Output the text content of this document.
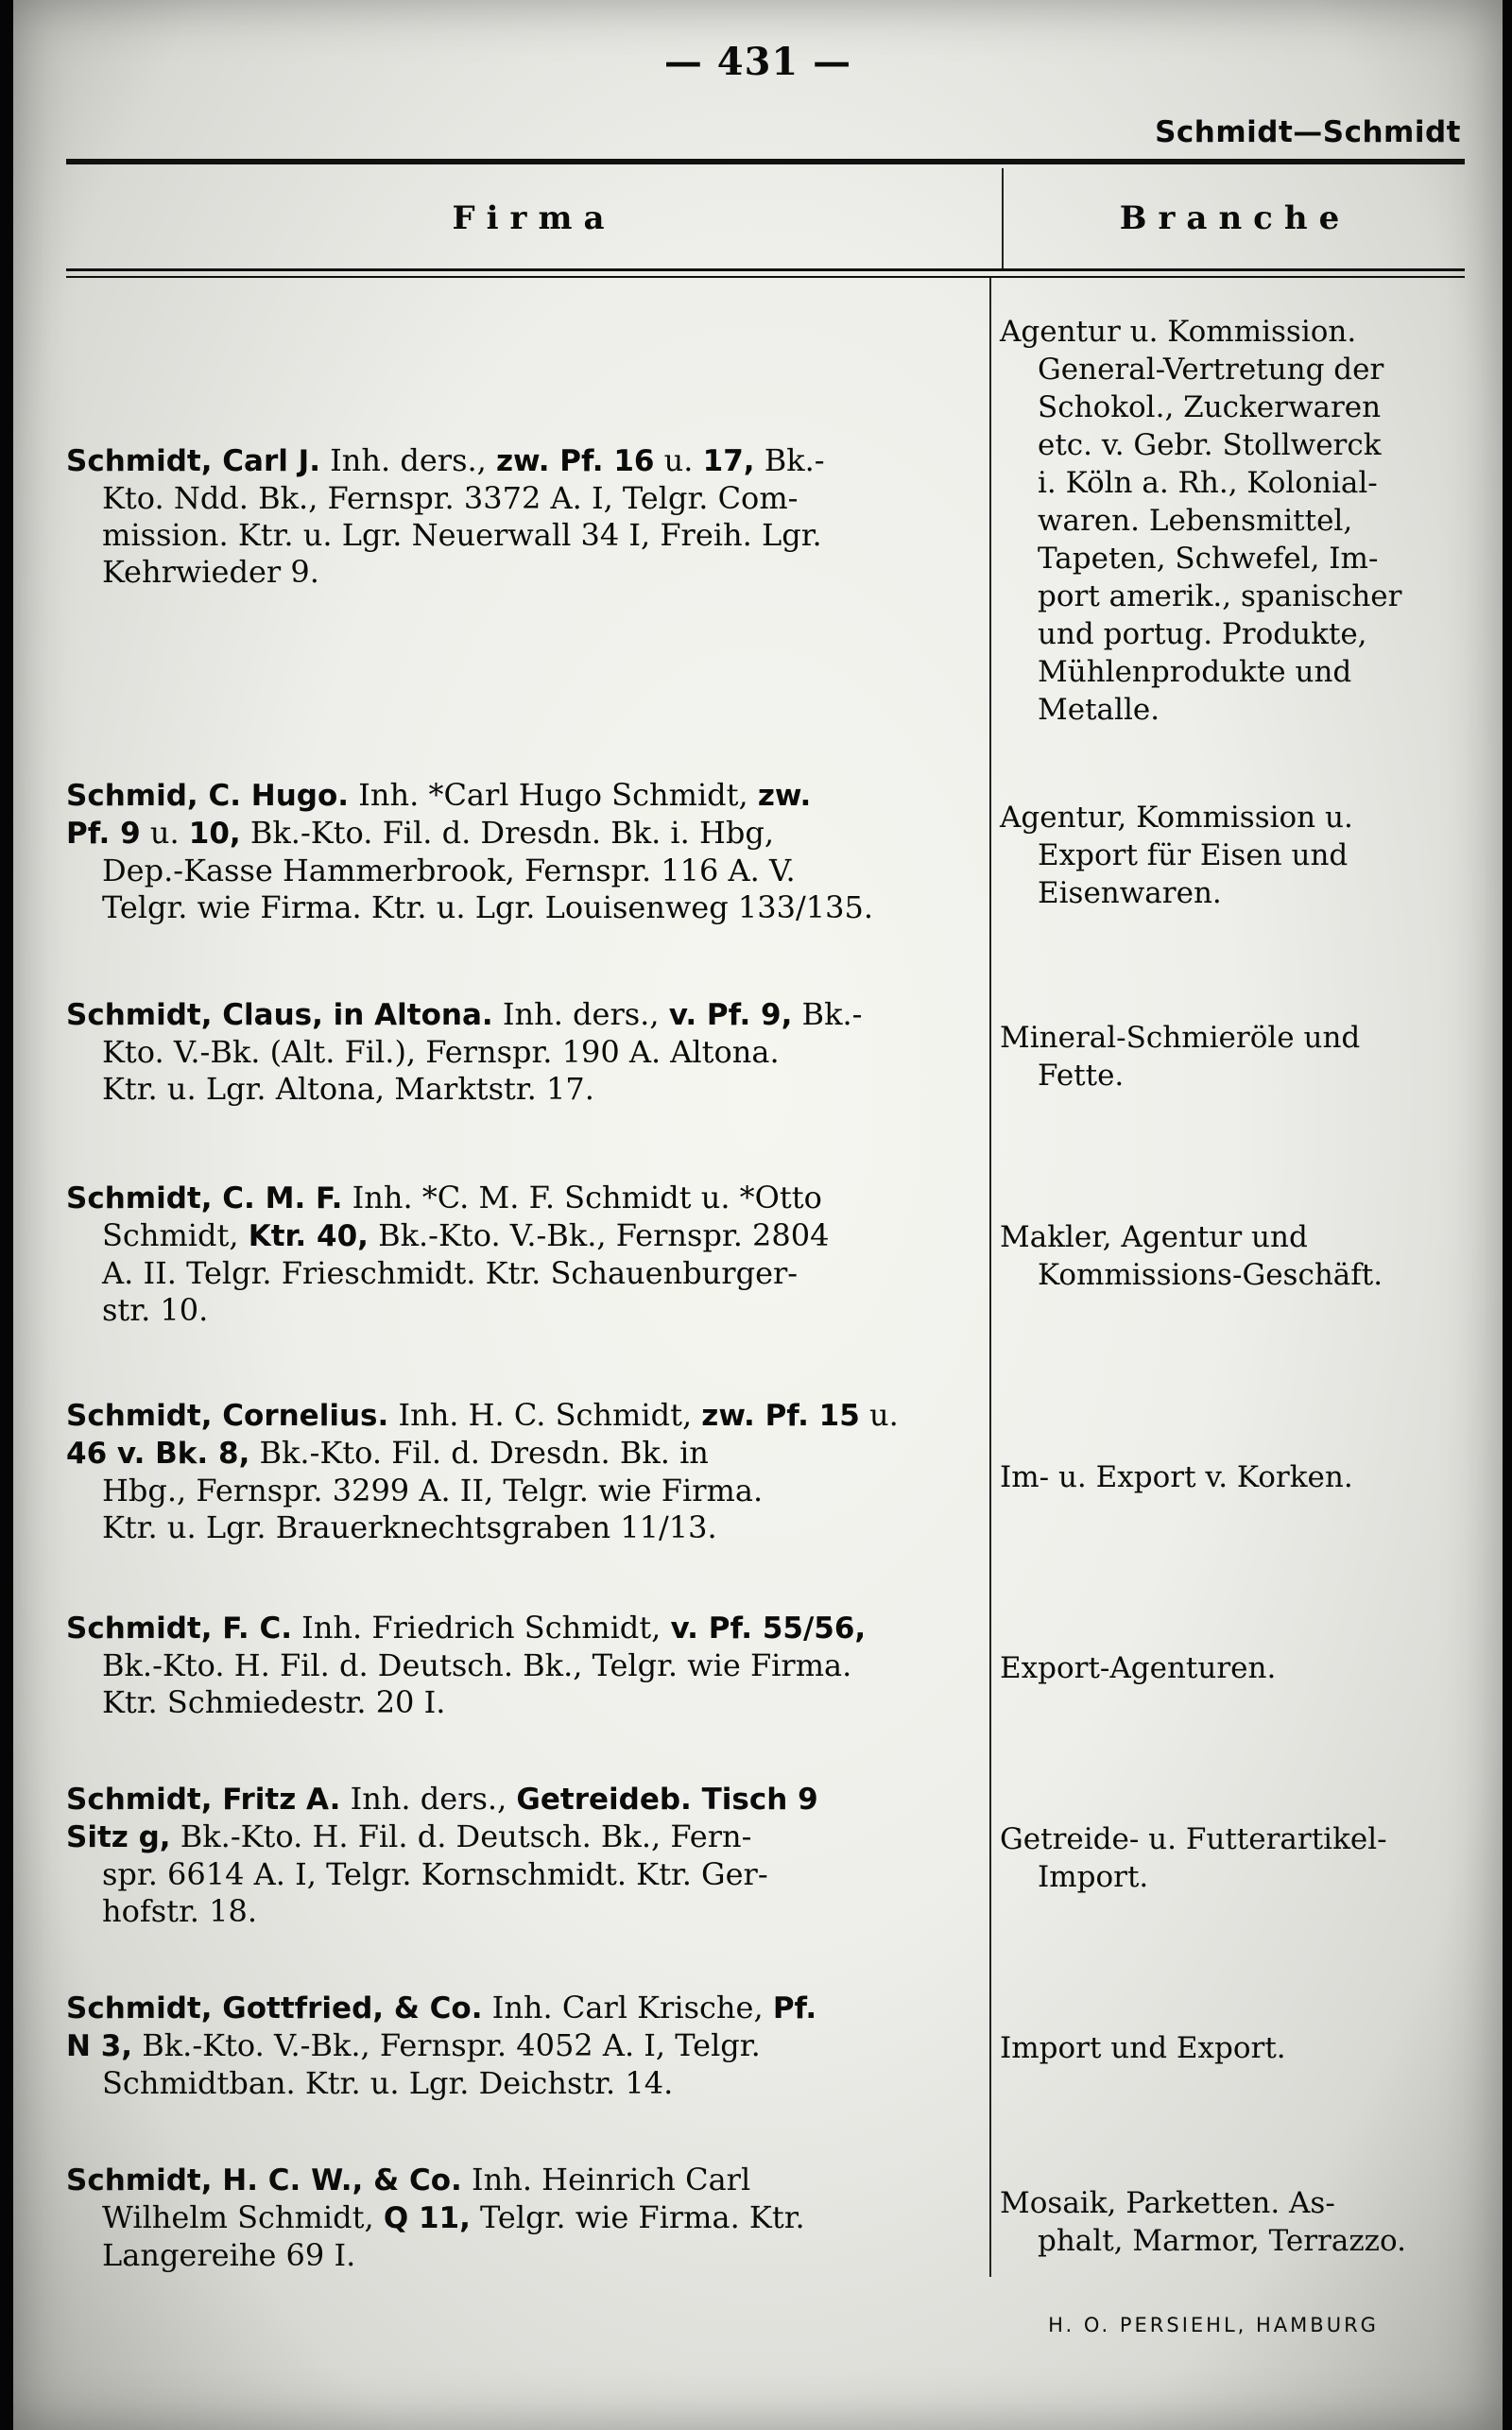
— 431 —
Schmidt—Schmidt
Firma	Branche
Schmidt, Carl J. Inh. ders., zw. Pf. 16 u. 17, Bk.-
Kto. Ndd. Bk., Fernspr. 3372 A. I, Telgr. Com-
mission. Ktr. u. Lgr. Neuerwall 34 I, Freih. Lgr.
Kehrwieder 9.
Agentur u. Kommission.
General-Vertretung der
Schokol., Zuckerwaren
etc. v. Gebr. Stollwerck
i. Köln a. Rh., Kolonial-
waren. Lebensmittel,
Tapeten, Schwefel, Im-
port amerik., spanischer
und portug. Produkte,
Mühlenprodukte und
Metalle.
Schmid, C. Hugo. Inh. *Carl Hugo Schmidt, zw.
Pf. 9 u. 10, Bk.-Kto. Fil. d. Dresdn. Bk. i. Hbg,
Dep.-Kasse Hammerbrook, Fernspr. 116 A. V.
Telgr. wie Firma. Ktr. u. Lgr. Louisenweg 133/135.
Agentur, Kommission u.
Export für Eisen und
Eisenwaren.
Schmidt, Claus, in Altona. Inh. ders., v. Pf. 9, Bk.-
Kto. V.-Bk. (Alt. Fil.), Fernspr. 190 A. Altona.
Ktr. u. Lgr. Altona, Marktstr. 17.
Mineral-Schmieröle und
Fette.
Schmidt, C. M. F. Inh. *C. M. F. Schmidt u. *Otto
Schmidt, Ktr. 40, Bk.-Kto. V.-Bk., Fernspr. 2804
A. II. Telgr. Frieschmidt. Ktr. Schauenburger-
str. 10.
Makler, Agentur und
Kommissions-Geschäft.
Schmidt, Cornelius. Inh. H. C. Schmidt, zw. Pf. 15 u.
46 v. Bk. 8, Bk.-Kto. Fil. d. Dresdn. Bk. in
Hbg., Fernspr. 3299 A. II, Telgr. wie Firma.
Ktr. u. Lgr. Brauerknechtsgraben 11/13.
Im- u. Export v. Korken.
Schmidt, F. C. Inh. Friedrich Schmidt, v. Pf. 55/56,
Bk.-Kto. H. Fil. d. Deutsch. Bk., Telgr. wie Firma.
Ktr. Schmiedestr. 20 I.
Export-Agenturen.
Schmidt, Fritz A. Inh. ders., Getreideb. Tisch 9
Sitz g, Bk.-Kto. H. Fil. d. Deutsch. Bk., Fern-
spr. 6614 A. I, Telgr. Kornschmidt. Ktr. Ger-
hofstr. 18.
Getreide- u. Futterartikel-
Import.
Schmidt, Gottfried, & Co. Inh. Carl Krische, Pf.
N 3, Bk.-Kto. V.-Bk., Fernspr. 4052 A. I, Telgr.
Schmidtban. Ktr. u. Lgr. Deichstr. 14.
Import und Export.
Schmidt, H. C. W., & Co. Inh. Heinrich Carl
Wilhelm Schmidt, Q 11, Telgr. wie Firma. Ktr.
Langereihe 69 I.
Mosaik, Parketten. As-
phalt, Marmor, Terrazzo.
H. O. PERSIEHL, HAMBURG
